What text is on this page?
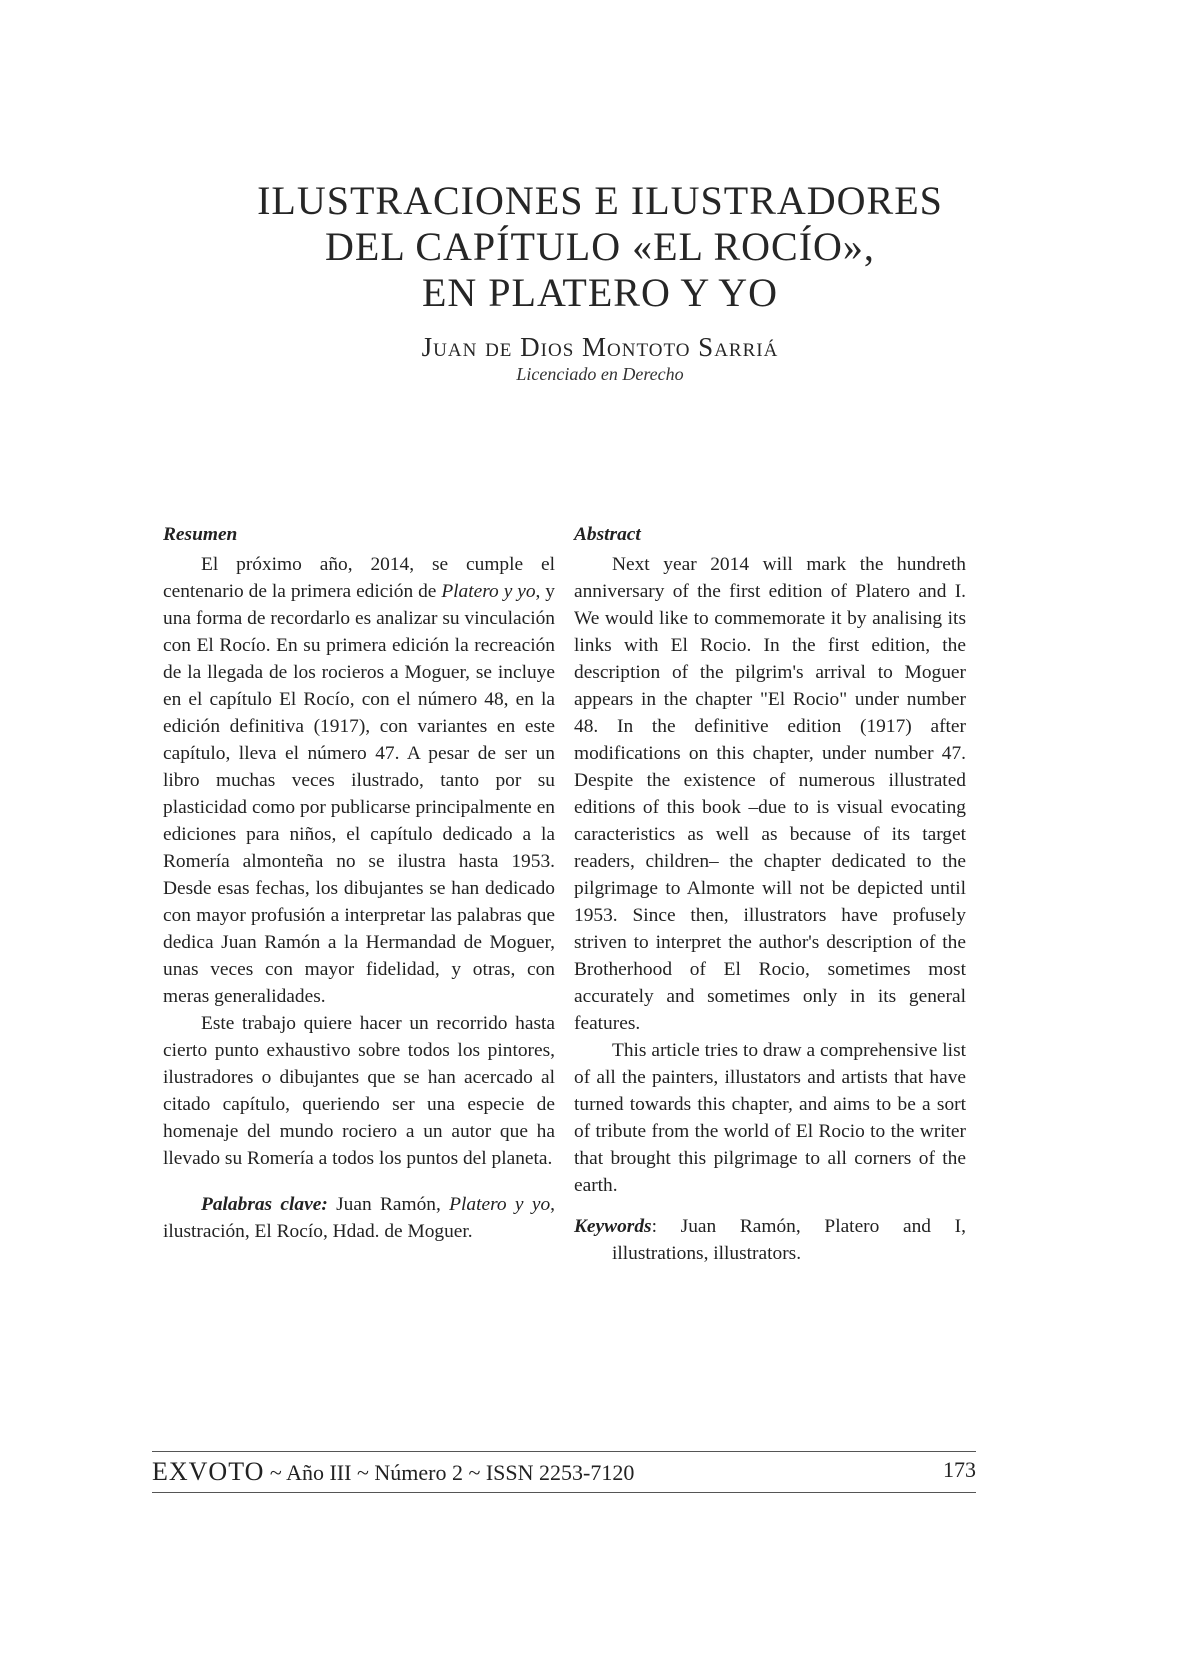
ILUSTRACIONES E ILUSTRADORES
DEL CAPÍTULO «EL ROCÍO»,
EN PLATERO Y YO
Juan de Dios Montoto Sarriá
Licenciado en Derecho
Resumen

El próximo año, 2014, se cumple el centenario de la primera edición de Platero y yo, y una forma de recordarlo es analizar su vinculación con El Rocío. En su primera edición la recreación de la llegada de los rocieros a Moguer, se incluye en el capítulo El Rocío, con el número 48, en la edición definitiva (1917), con variantes en este capítulo, lleva el número 47. A pesar de ser un libro muchas veces ilustrado, tanto por su plasticidad como por publicarse principalmente en ediciones para niños, el capítulo dedicado a la Romería almonteña no se ilustra hasta 1953. Desde esas fechas, los dibujantes se han dedicado con mayor profusión a interpretar las palabras que dedica Juan Ramón a la Hermandad de Moguer, unas veces con mayor fidelidad, y otras, con meras generalidades.

Este trabajo quiere hacer un recorrido hasta cierto punto exhaustivo sobre todos los pintores, ilustradores o dibujantes que se han acercado al citado capítulo, queriendo ser una especie de homenaje del mundo rociero a un autor que ha llevado su Romería a todos los puntos del planeta.

Palabras clave: Juan Ramón, Platero y yo, ilustración, El Rocío, Hdad. de Moguer.

Abstract

Next year 2014 will mark the hundreth anniversary of the first edition of Platero and I. We would like to commemorate it by analising its links with El Rocio. In the first edition, the description of the pilgrim's arrival to Moguer appears in the chapter "El Rocio" under number 48. In the definitive edition (1917) after modifications on this chapter, under number 47. Despite the existence of numerous illustrated editions of this book –due to is visual evocating caracteristics as well as because of its target readers, children– the chapter dedicated to the pilgrimage to Almonte will not be depicted until 1953. Since then, illustrators have profusely striven to interpret the author's description of the Brotherhood of El Rocio, sometimes most accurately and sometimes only in its general features.

This article tries to draw a comprehensive list of all the painters, illustators and artists that have turned towards this chapter, and aims to be a sort of tribute from the world of El Rocio to the writer that brought this pilgrimage to all corners of the earth.

Keywords: Juan Ramón, Platero and I, illustrations, illustrators.

EXVOTO ~ Año III ~ Número 2 ~ ISSN 2253-7120	173
